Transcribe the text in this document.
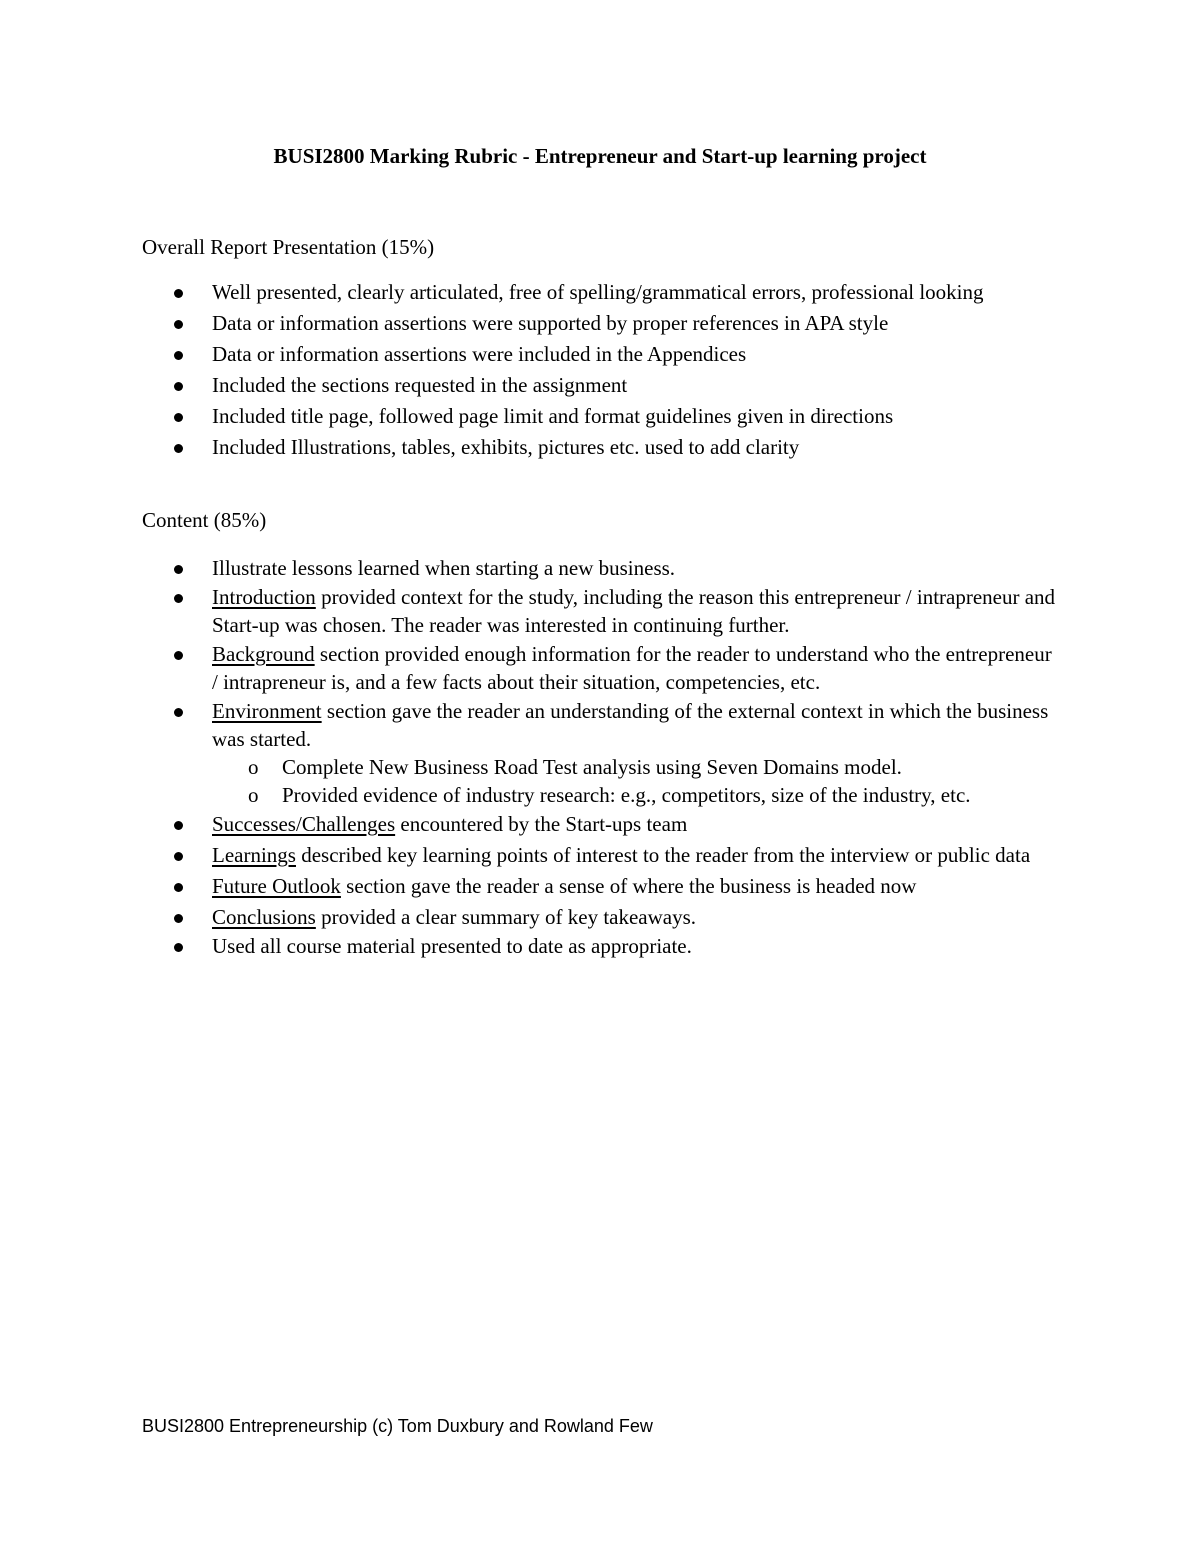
BUSI2800 Marking Rubric - Entrepreneur and Start-up learning project

Overall Report Presentation (15%)

Well presented, clearly articulated, free of spelling/grammatical errors, professional looking
Data or information assertions were supported by proper references in APA style
Data or information assertions were included in the Appendices
Included the sections requested in the assignment
Included title page, followed page limit and format guidelines given in directions
Included Illustrations, tables, exhibits, pictures etc. used to add clarity

Content (85%)

Illustrate lessons learned when starting a new business.
Introduction provided context for the study, including the reason this entrepreneur / intrapreneur and Start-up was chosen. The reader was interested in continuing further.
Background section provided enough information for the reader to understand who the entrepreneur / intrapreneur is, and a few facts about their situation, competencies, etc.
Environment section gave the reader an understanding of the external context in which the business was started.
o Complete New Business Road Test analysis using Seven Domains model.
o Provided evidence of industry research: e.g., competitors, size of the industry, etc.
Successes/Challenges encountered by the Start-ups team
Learnings described key learning points of interest to the reader from the interview or public data
Future Outlook section gave the reader a sense of where the business is headed now
Conclusions provided a clear summary of key takeaways.
Used all course material presented to date as appropriate.

BUSI2800 Entrepreneurship (c) Tom Duxbury and Rowland Few
